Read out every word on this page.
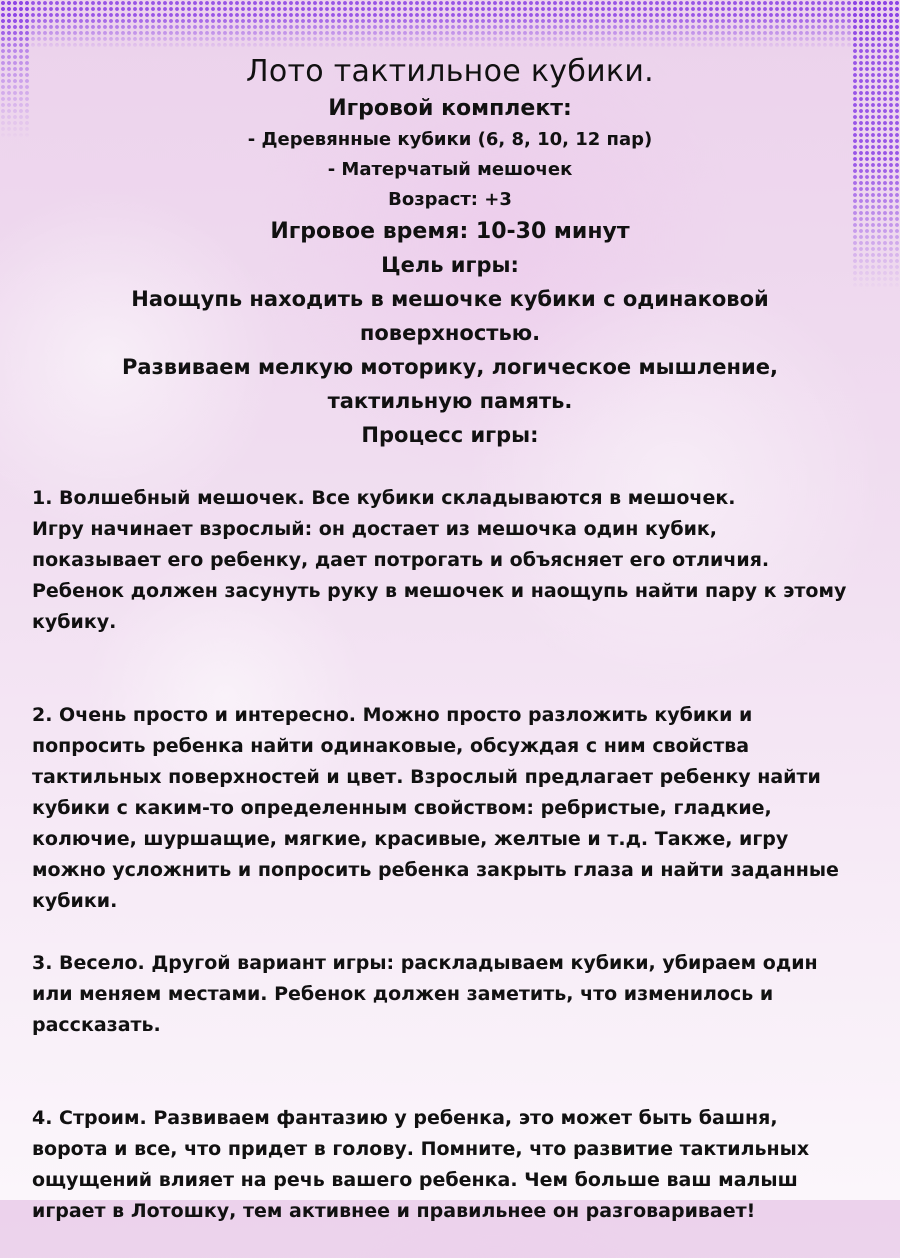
Лото тактильное кубики.
Игровой комплект:
- Деревянные кубики (6, 8, 10, 12 пар)
- Матерчатый мешочек
Возраст: +3
Игровое время: 10-30 минут
Цель игры:
Наощупь находить в мешочке кубики с одинаковой поверхностью.
Развиваем мелкую моторику, логическое мышление, тактильную память.
Процесс игры:

1. Волшебный мешочек. Все кубики складываются в мешочек.
Игру начинает взрослый: он достает из мешочка один кубик,
показывает его ребенку, дает потрогать и объясняет его отличия.
Ребенок должен засунуть руку в мешочек и наощупь найти пару к этому
кубику.

2. Очень просто и интересно. Можно просто разложить кубики и
попросить ребенка найти одинаковые, обсуждая с ним свойства
тактильных поверхностей и цвет. Взрослый предлагает ребенку найти
кубики с каким-то определенным свойством: ребристые, гладкие,
колючие, шуршащие, мягкие, красивые, желтые и т.д. Также, игру
можно усложнить и попросить ребенка закрыть глаза и найти заданные
кубики.

3. Весело. Другой вариант игры: раскладываем кубики, убираем один
или меняем местами. Ребенок должен заметить, что изменилось и
рассказать.

4. Строим. Развиваем фантазию у ребенка, это может быть башня,
ворота и все, что придет в голову. Помните, что развитие тактильных
ощущений влияет на речь вашего ребенка. Чем больше ваш малыш
играет в Лотошку, тем активнее и правильнее он разговаривает!
